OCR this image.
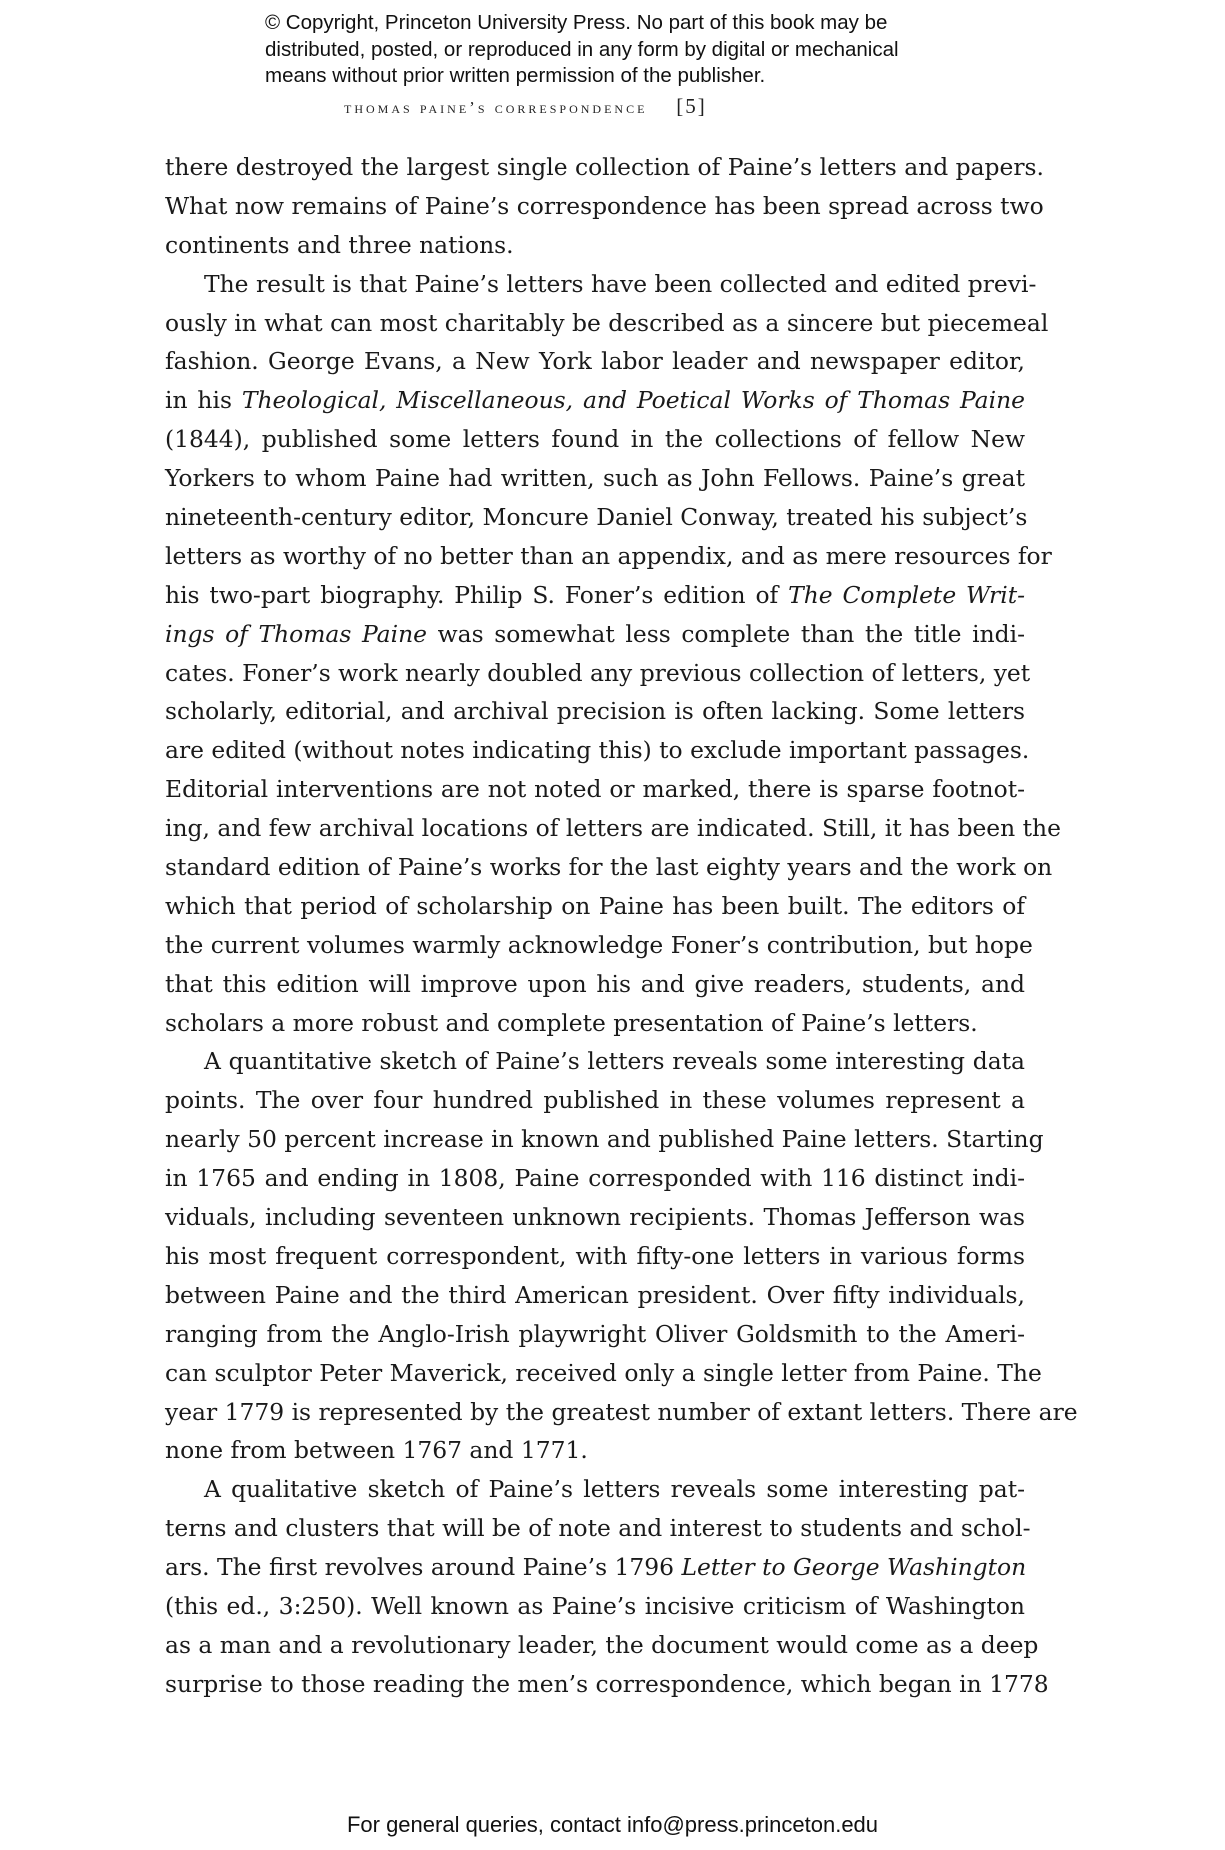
© Copyright, Princeton University Press. No part of this book may be
distributed, posted, or reproduced in any form by digital or mechanical
means without prior written permission of the publisher.
thomas paine’s correspondence [5]
there destroyed the largest single collection of Paine’s letters and papers.
What now remains of Paine’s correspondence has been spread across two
continents and three nations.
The result is that Paine’s letters have been collected and edited previ-
ously in what can most charitably be described as a sincere but piecemeal
fashion. George Evans, a New York labor leader and newspaper editor,
in his Theological, Miscellaneous, and Poetical Works of Thomas Paine
(1844), published some letters found in the collections of fellow New
Yorkers to whom Paine had written, such as John Fellows. Paine’s great
nineteenth-century editor, Moncure Daniel Conway, treated his subject’s
letters as worthy of no better than an appendix, and as mere resources for
his two-part biography. Philip S. Foner’s edition of The Complete Writ-
ings of Thomas Paine was somewhat less complete than the title indi-
cates. Foner’s work nearly doubled any previous collection of letters, yet
scholarly, editorial, and archival precision is often lacking. Some letters
are edited (without notes indicating this) to exclude important passages.
Editorial interventions are not noted or marked, there is sparse footnot-
ing, and few archival locations of letters are indicated. Still, it has been the
standard edition of Paine’s works for the last eighty years and the work on
which that period of scholarship on Paine has been built. The editors of
the current volumes warmly acknowledge Foner’s contribution, but hope
that this edition will improve upon his and give readers, students, and
scholars a more robust and complete presentation of Paine’s letters.
A quantitative sketch of Paine’s letters reveals some interesting data
points. The over four hundred published in these volumes represent a
nearly 50 percent increase in known and published Paine letters. Starting
in 1765 and ending in 1808, Paine corresponded with 116 distinct indi-
viduals, including seventeen unknown recipients. Thomas Jefferson was
his most frequent correspondent, with fifty-one letters in various forms
between Paine and the third American president. Over fifty individuals,
ranging from the Anglo-Irish playwright Oliver Goldsmith to the Ameri-
can sculptor Peter Maverick, received only a single letter from Paine. The
year 1779 is represented by the greatest number of extant letters. There are
none from between 1767 and 1771.
A qualitative sketch of Paine’s letters reveals some interesting pat-
terns and clusters that will be of note and interest to students and schol-
ars. The first revolves around Paine’s 1796 Letter to George Washington
(this ed., 3:250). Well known as Paine’s incisive criticism of Washington
as a man and a revolutionary leader, the document would come as a deep
surprise to those reading the men’s correspondence, which began in 1778
For general queries, contact info@press.princeton.edu
